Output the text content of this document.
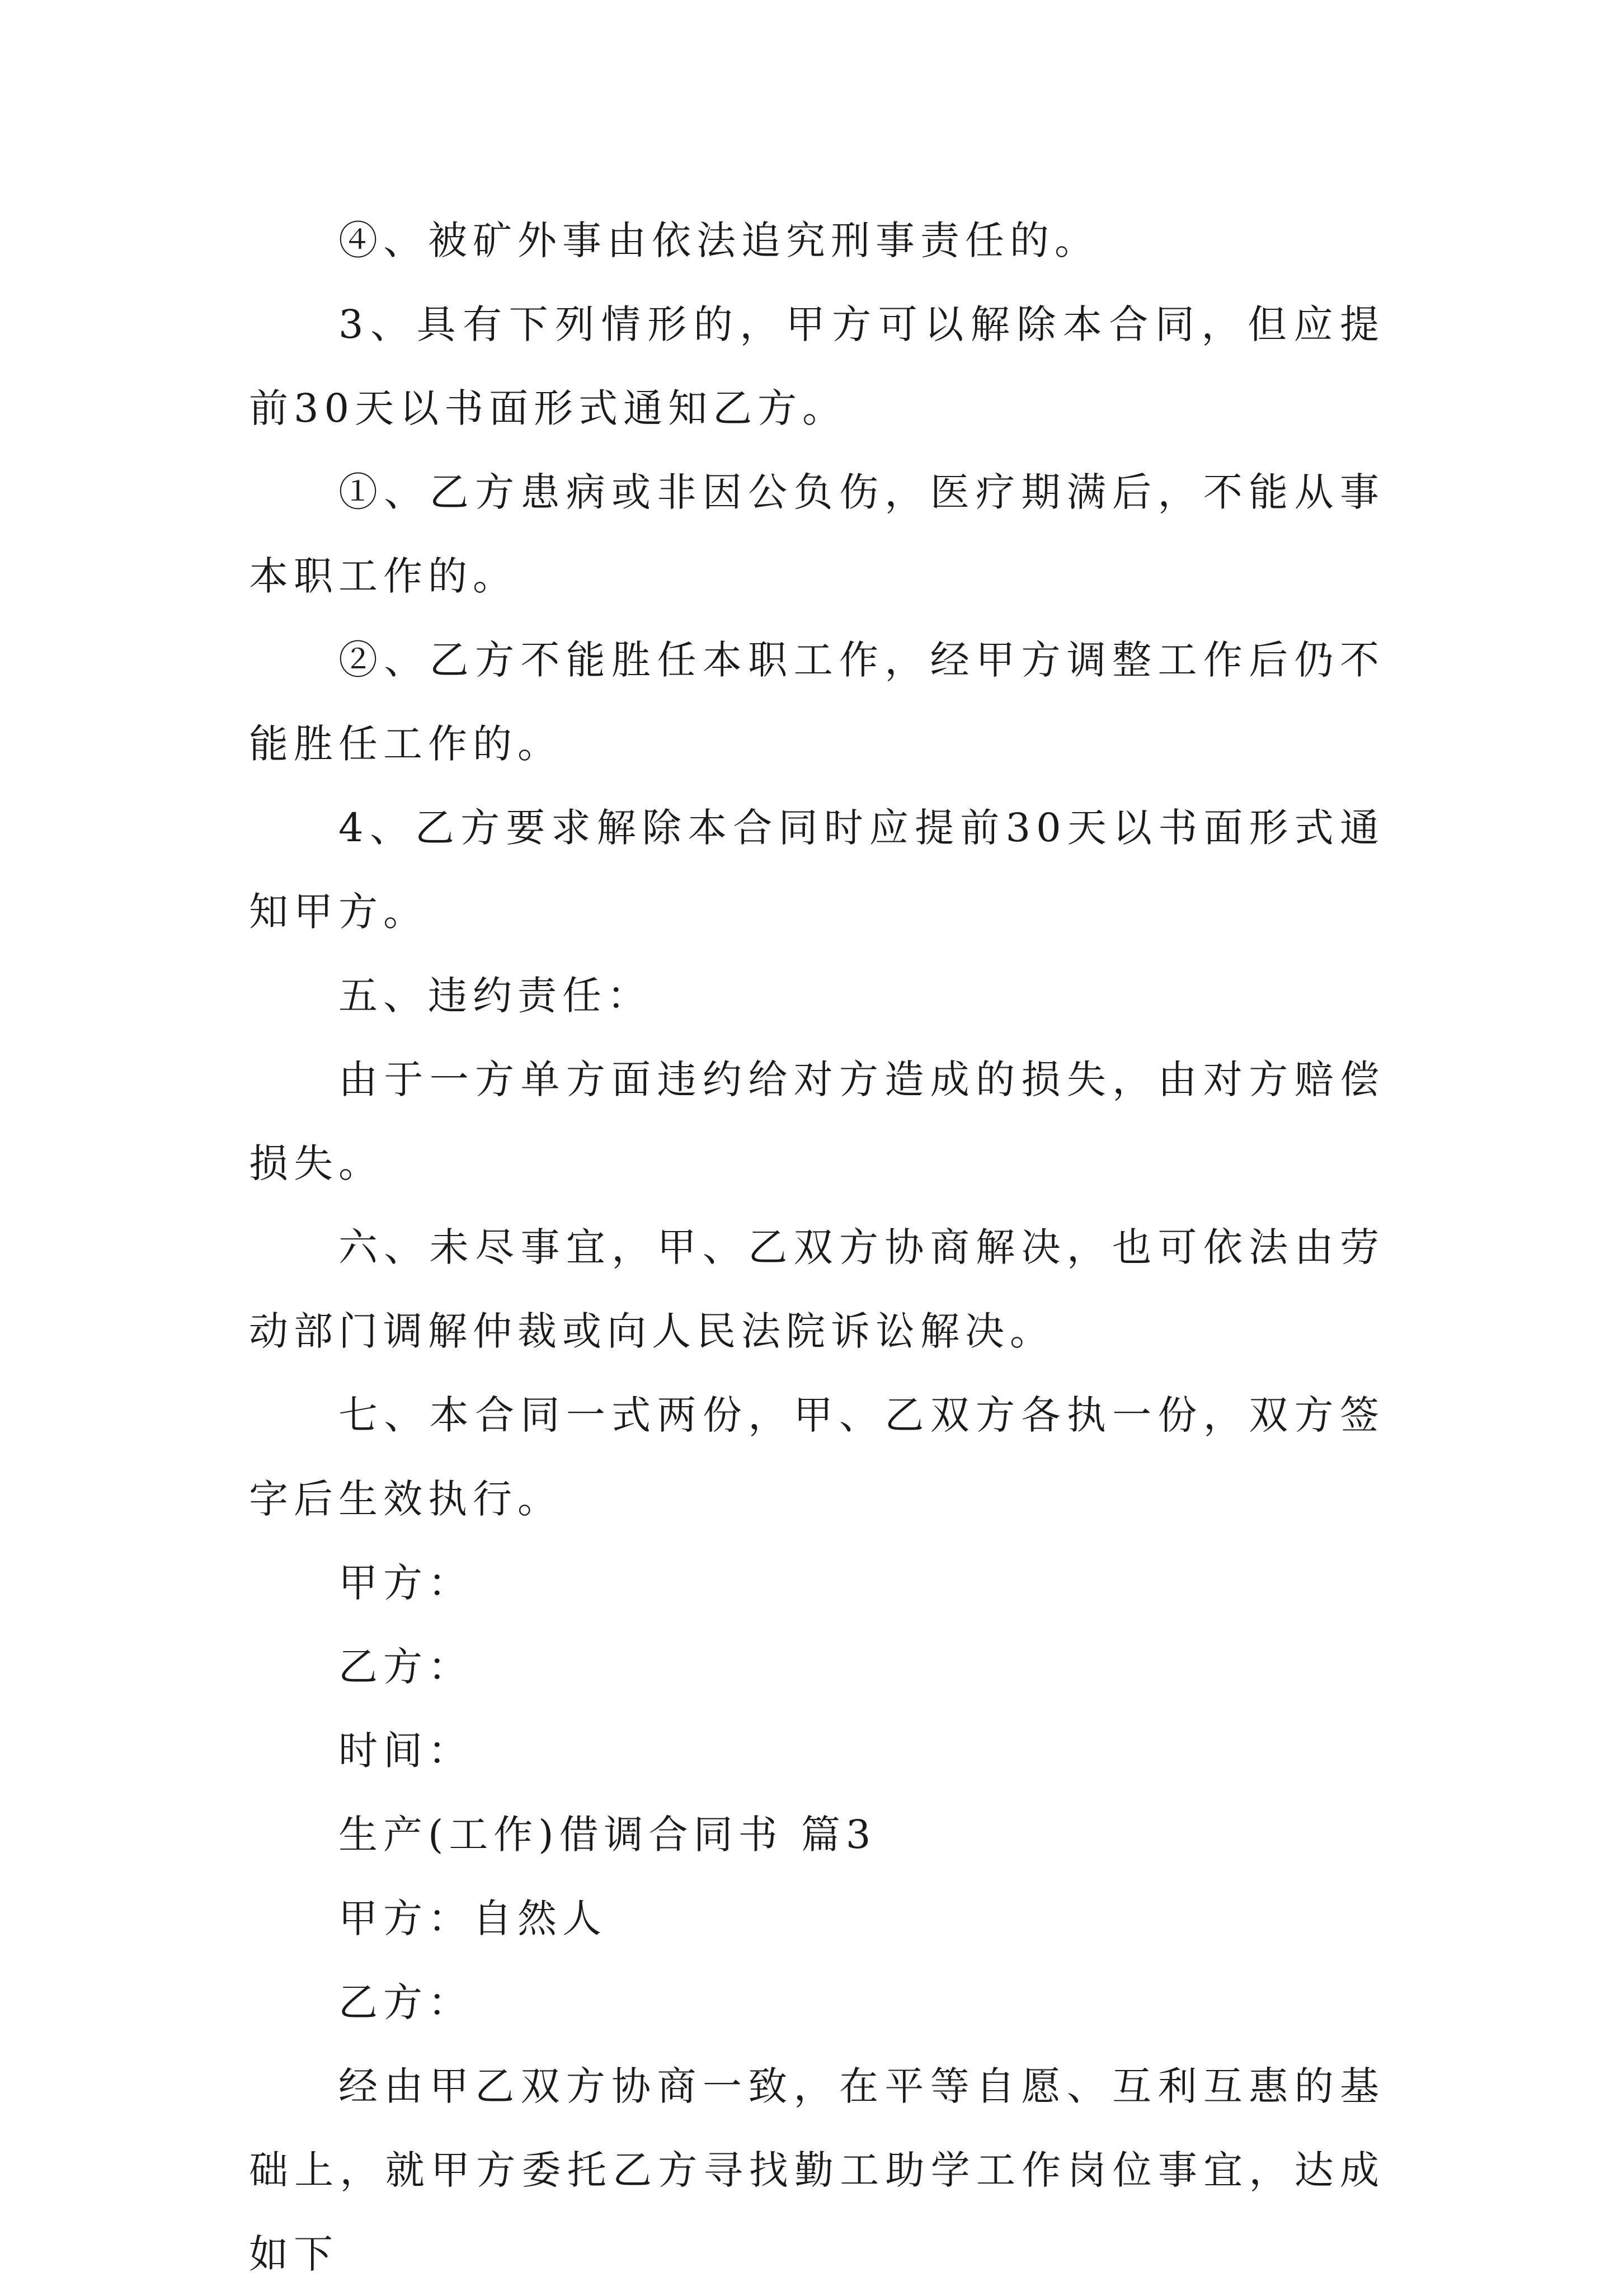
④、被矿外事由依法追究刑事责任的。

3、具有下列情形的，甲方可以解除本合同，但应提前30天以书面形式通知乙方。

①、乙方患病或非因公负伤，医疗期满后，不能从事本职工作的。

②、乙方不能胜任本职工作，经甲方调整工作后仍不能胜任工作的。

4、乙方要求解除本合同时应提前30天以书面形式通知甲方。

五、违约责任：

由于一方单方面违约给对方造成的损失，由对方赔偿损失。

六、未尽事宜，甲、乙双方协商解决，也可依法由劳动部门调解仲裁或向人民法院诉讼解决。

七、本合同一式两份，甲、乙双方各执一份，双方签字后生效执行。

甲方：

乙方：

时间：

生产(工作)借调合同书 篇3

甲方：自然人

乙方：

经由甲乙双方协商一致，在平等自愿、互利互惠的基础上，就甲方委托乙方寻找勤工助学工作岗位事宜，达成如下
